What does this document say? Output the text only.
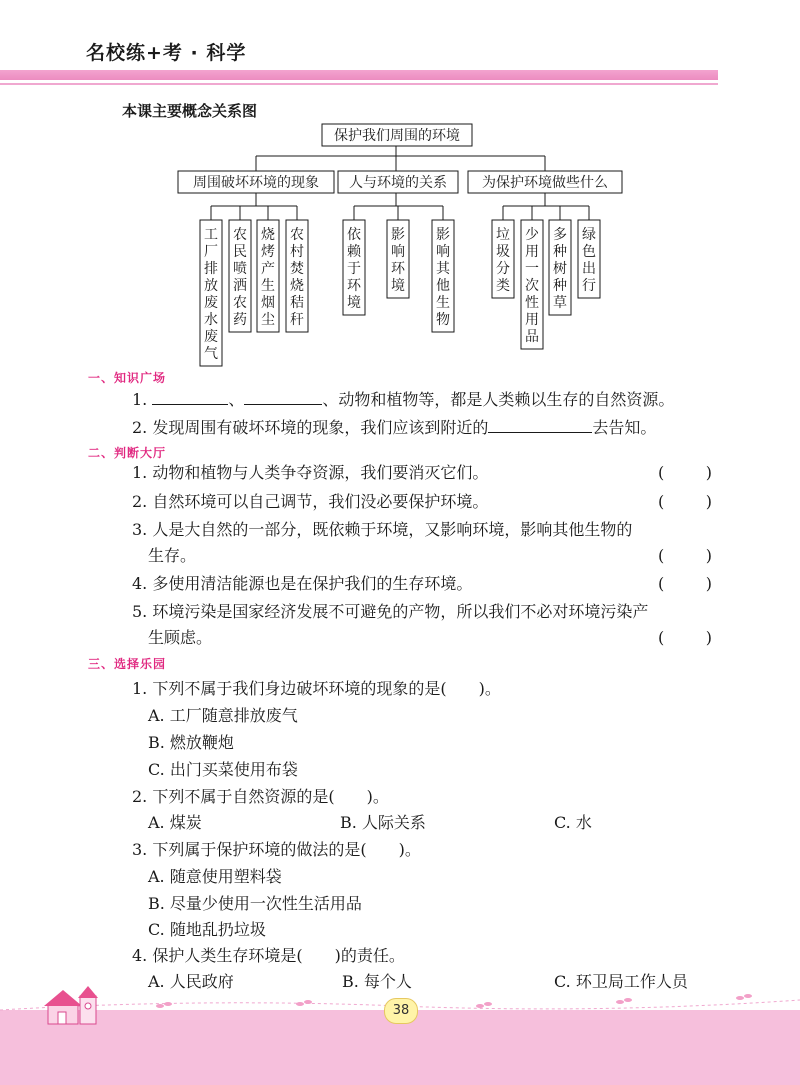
名校练+考 · 科学
本课主要概念关系图
保护我们周围的环境
周围破坏环境的现象 人与环境的关系	为保护环境做些什么
工厂排放废水废气
农民喷洒农药
烧烤产生烟尘
农村焚烧秸秆
依赖于环境
影响环境
影响其他生物
垃圾分类
少用一次性用品
多种树种草
绿色出行
一、知识广场
1.	、	、动物和植物等，都是人类赖以生存的自然资源。
2. 发现周围有破坏环境的现象，我们应该到附近的	去告知。
二、判断大厅
1. 动物和植物与人类争夺资源，我们要消灭它们。	(	)
2. 自然环境可以自己调节，我们没必要保护环境。	(	)
3. 人是大自然的一部分，既依赖于环境，又影响环境，影响其他生物的
生存。	(	)
4. 多使用清洁能源也是在保护我们的生存环境。	(	)
5. 环境污染是国家经济发展不可避免的产物，所以我们不必对环境污染产
生顾虑。	(	)
三、选择乐园
1. 下列不属于我们身边破坏环境的现象的是(　　)。
A. 工厂随意排放废气
B. 燃放鞭炮
C. 出门买菜使用布袋
2. 下列不属于自然资源的是(　　)。
A. 煤炭	B. 人际关系	C. 水
3. 下列属于保护环境的做法的是(　　)。
A. 随意使用塑料袋
B. 尽量少使用一次性生活用品
C. 随地乱扔垃圾
4. 保护人类生存环境是(　　)的责任。
A. 人民政府	B. 每个人	C. 环卫局工作人员
38
